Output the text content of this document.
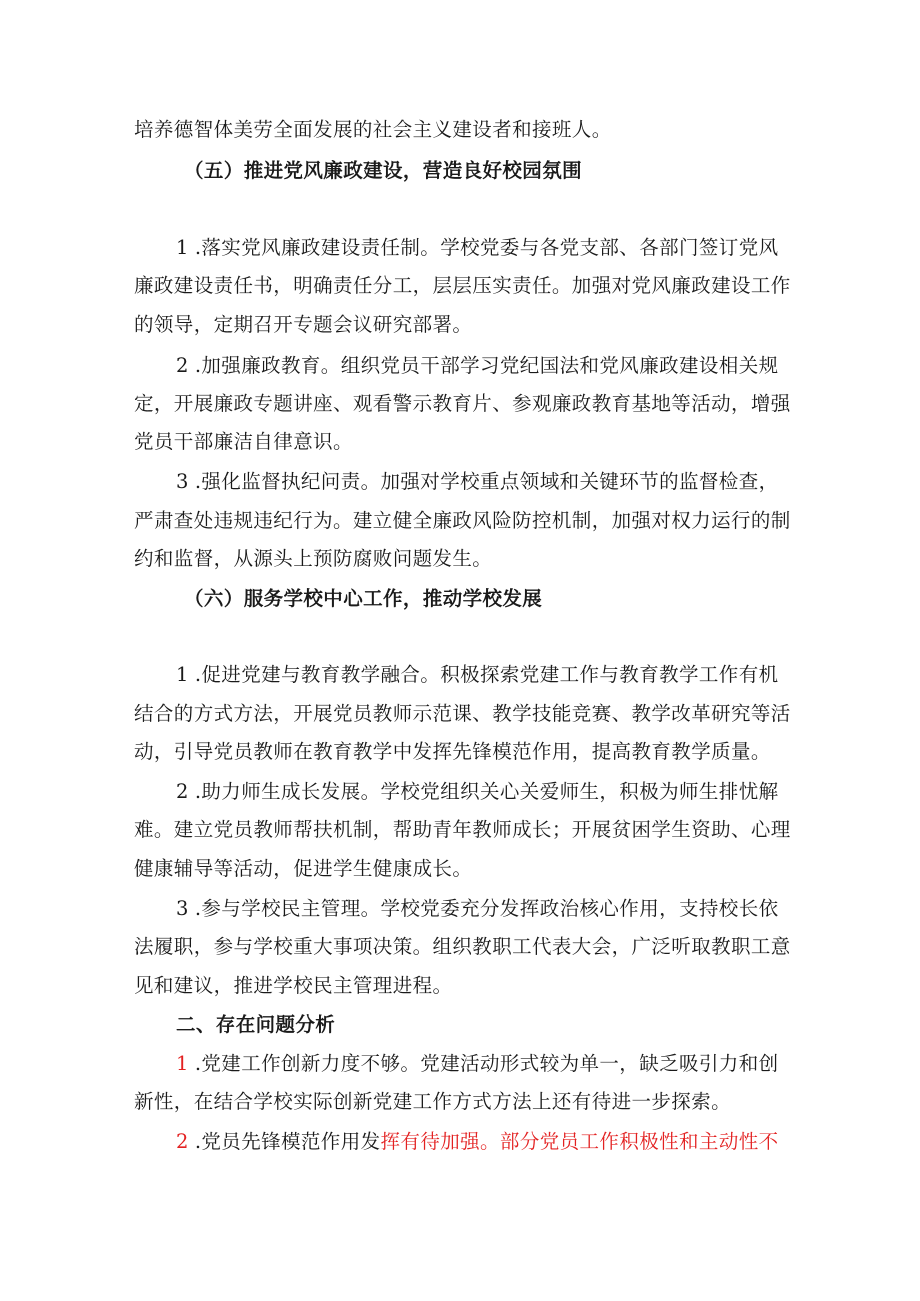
培养德智体美劳全面发展的社会主义建设者和接班人。
（五）推进党风廉政建设，营造良好校园氛围
1 .落实党风廉政建设责任制。学校党委与各党支部、各部门签订党风
廉政建设责任书，明确责任分工，层层压实责任。加强对党风廉政建设工作
的领导，定期召开专题会议研究部署。
2 .加强廉政教育。组织党员干部学习党纪国法和党风廉政建设相关规
定，开展廉政专题讲座、观看警示教育片、参观廉政教育基地等活动，增强
党员干部廉洁自律意识。
3 .强化监督执纪问责。加强对学校重点领域和关键环节的监督检查，
严肃查处违规违纪行为。建立健全廉政风险防控机制，加强对权力运行的制
约和监督，从源头上预防腐败问题发生。
（六）服务学校中心工作，推动学校发展
1 .促进党建与教育教学融合。积极探索党建工作与教育教学工作有机
结合的方式方法，开展党员教师示范课、教学技能竞赛、教学改革研究等活
动，引导党员教师在教育教学中发挥先锋模范作用，提高教育教学质量。
2 .助力师生成长发展。学校党组织关心关爱师生，积极为师生排忧解
难。建立党员教师帮扶机制，帮助青年教师成长；开展贫困学生资助、心理
健康辅导等活动，促进学生健康成长。
3 .参与学校民主管理。学校党委充分发挥政治核心作用，支持校长依
法履职，参与学校重大事项决策。组织教职工代表大会，广泛听取教职工意
见和建议，推进学校民主管理进程。
二、存在问题分析
1 .党建工作创新力度不够。党建活动形式较为单一，缺乏吸引力和创
新性，在结合学校实际创新党建工作方式方法上还有待进一步探索。
2 .党员先锋模范作用发挥有待加强。部分党员工作积极性和主动性不
